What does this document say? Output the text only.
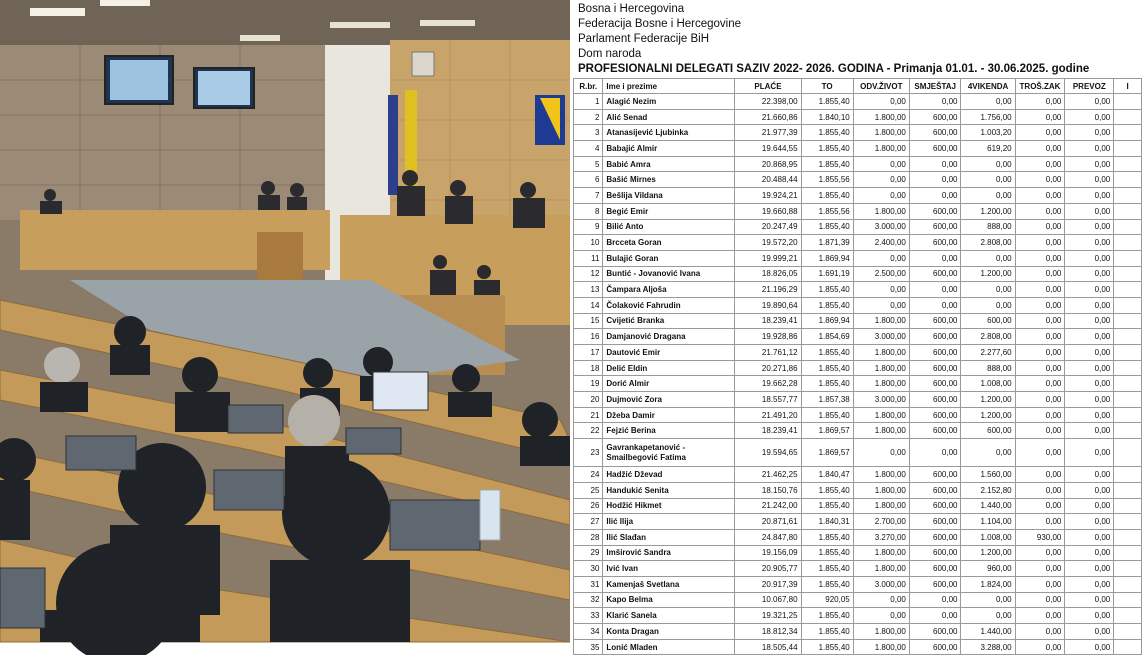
Bosna i Hercegovina
Federacija Bosne i Hercegovine
Parlament Federacije BiH
Dom naroda
PROFESIONALNI DELEGATI SAZIV 2022- 2026. GODINA - Primanja 01.01. - 30.06.2025. godine
R.br.	Ime i prezime	PLAĆE	TO	ODV.ŽIVOT	SMJEŠTAJ	4VIKENDA	TROŠ.ZAK	PREVOZ	I
1	Alagić Nezim	22.398,00	1.855,40	0,00	0,00	0,00	0,00	0,00	
2	Alić Senad	21.660,86	1.840,10	1.800,00	600,00	1.756,00	0,00	0,00	
3	Atanasijević Ljubinka	21.977,39	1.855,40	1.800,00	600,00	1.003,20	0,00	0,00	
4	Babajić Almir	19.644,55	1.855,40	1.800,00	600,00	619,20	0,00	0,00	
5	Babić Amra	20.868,95	1.855,40	0,00	0,00	0,00	0,00	0,00	
6	Bašić Mirnes	20.488,44	1.855,56	0,00	0,00	0,00	0,00	0,00	
7	Bešlija Vildana	19.924,21	1.855,40	0,00	0,00	0,00	0,00	0,00	
8	Begić Emir	19.660,88	1.855,56	1.800,00	600,00	1.200,00	0,00	0,00	
9	Bilić Anto	20.247,49	1.855,40	3.000,00	600,00	888,00	0,00	0,00	
10	Brcceta Goran	19.572,20	1.871,39	2.400,00	600,00	2.808,00	0,00	0,00	
11	Bulajić Goran	19.999,21	1.869,94	0,00	0,00	0,00	0,00	0,00	
12	Buntić - Jovanović Ivana	18.826,05	1.691,19	2.500,00	600,00	1.200,00	0,00	0,00	
13	Čampara Aljoša	21.196,29	1.855,40	0,00	0,00	0,00	0,00	0,00	
14	Čolaković Fahrudin	19.890,64	1.855,40	0,00	0,00	0,00	0,00	0,00	
15	Cvijetić Branka	18.239,41	1.869,94	1.800,00	600,00	600,00	0,00	0,00	
16	Damjanović Dragana	19.928,86	1.854,69	3.000,00	600,00	2.808,00	0,00	0,00	
17	Dautović Emir	21.761,12	1.855,40	1.800,00	600,00	2.277,60	0,00	0,00	
18	Delić Eldin	20.271,86	1.855,40	1.800,00	600,00	888,00	0,00	0,00	
19	Dorić Almir	19.662,28	1.855,40	1.800,00	600,00	1.008,00	0,00	0,00	
20	Dujmović Zora	18.557,77	1.857,38	3.000,00	600,00	1.200,00	0,00	0,00	
21	Džeba Damir	21.491,20	1.855,40	1.800,00	600,00	1.200,00	0,00	0,00	
22	Fejzić Berina	18.239,41	1.869,57	1.800,00	600,00	600,00	0,00	0,00	
23	Gavrankapetanović - Smailbegović Fatima	19.594,65	1.869,57	0,00	0,00	0,00	0,00	0,00	
24	Hadžić Dževad	21.462,25	1.840,47	1.800,00	600,00	1.560,00	0,00	0,00	
25	Handukić Senita	18.150,76	1.855,40	1.800,00	600,00	2.152,80	0,00	0,00	
26	Hodžić Hikmet	21.242,00	1.855,40	1.800,00	600,00	1.440,00	0,00	0,00	
27	Ilić Ilija	20.871,61	1.840,31	2.700,00	600,00	1.104,00	0,00	0,00	
28	Ilić Slađan	24.847,80	1.855,40	3.270,00	600,00	1.008,00	930,00	0,00	
29	Imširović Sandra	19.156,09	1.855,40	1.800,00	600,00	1.200,00	0,00	0,00	
30	Ivić Ivan	20.905,77	1.855,40	1.800,00	600,00	960,00	0,00	0,00	
31	Kamenjaš Svetlana	20.917,39	1.855,40	3.000,00	600,00	1.824,00	0,00	0,00	
32	Kapo Belma	10.067,80	920,05	0,00	0,00	0,00	0,00	0,00	
33	Klarić Sanela	19.321,25	1.855,40	0,00	0,00	0,00	0,00	0,00	
34	Konta Dragan	18.812,34	1.855,40	1.800,00	600,00	1.440,00	0,00	0,00	
35	Lonić Mladen	18.505,44	1.855,40	1.800,00	600,00	3.288,00	0,00	0,00	
